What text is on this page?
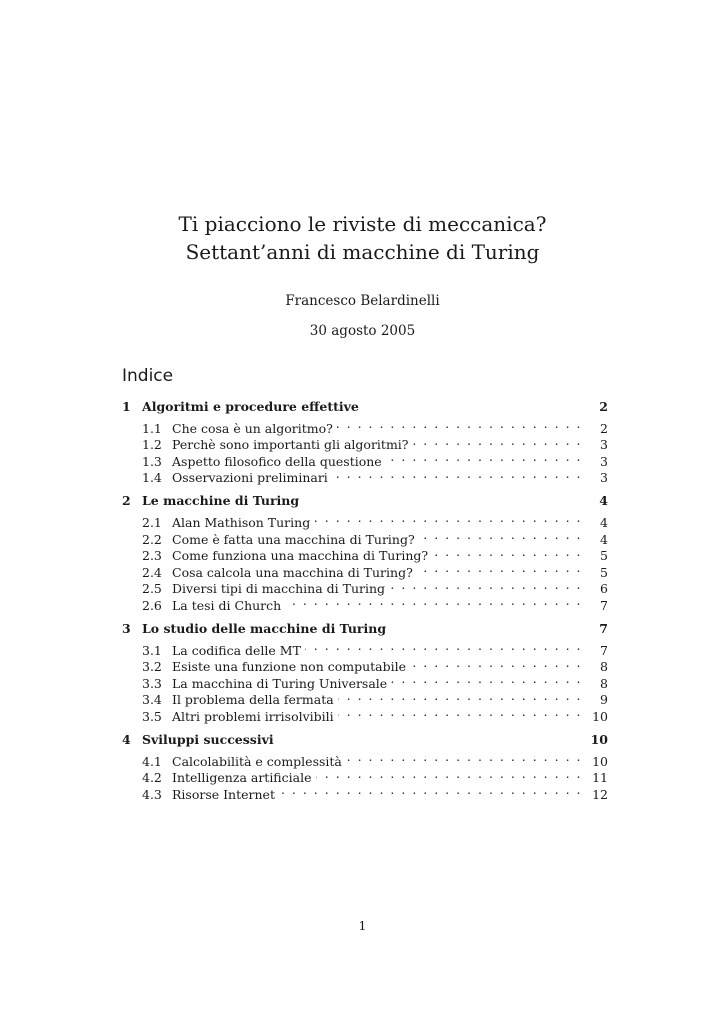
Ti piacciono le riviste di meccanica?
Settant’anni di macchine di Turing
Francesco Belardinelli
30 agosto 2005
Indice
1 Algoritmi e procedure effettive	2
1.1 Che cosa è un algoritmo? . . .	2
1.2 Perchè sono importanti gli algoritmi? . . .	3
1.3 Aspetto filosofico della questione . . .	3
1.4 Osservazioni preliminari . . .	3
2 Le macchine di Turing	4
2.1 Alan Mathison Turing . . .	4
2.2 Come è fatta una macchina di Turing? . . .	4
2.3 Come funziona una macchina di Turing? . . .	5
2.4 Cosa calcola una macchina di Turing? . . .	5
2.5 Diversi tipi di macchina di Turing . . .	6
2.6 La tesi di Church . . .	7
3 Lo studio delle macchine di Turing	7
3.1 La codifica delle MT . . .	7
3.2 Esiste una funzione non computabile . . .	8
3.3 La macchina di Turing Universale . . .	8
3.4 Il problema della fermata . . .	9
3.5 Altri problemi irrisolvibili . . .	10
4 Sviluppi successivi	10
4.1 Calcolabilità e complessità . . .	10
4.2 Intelligenza artificiale . . .	11
4.3 Risorse Internet . . .	12
1
